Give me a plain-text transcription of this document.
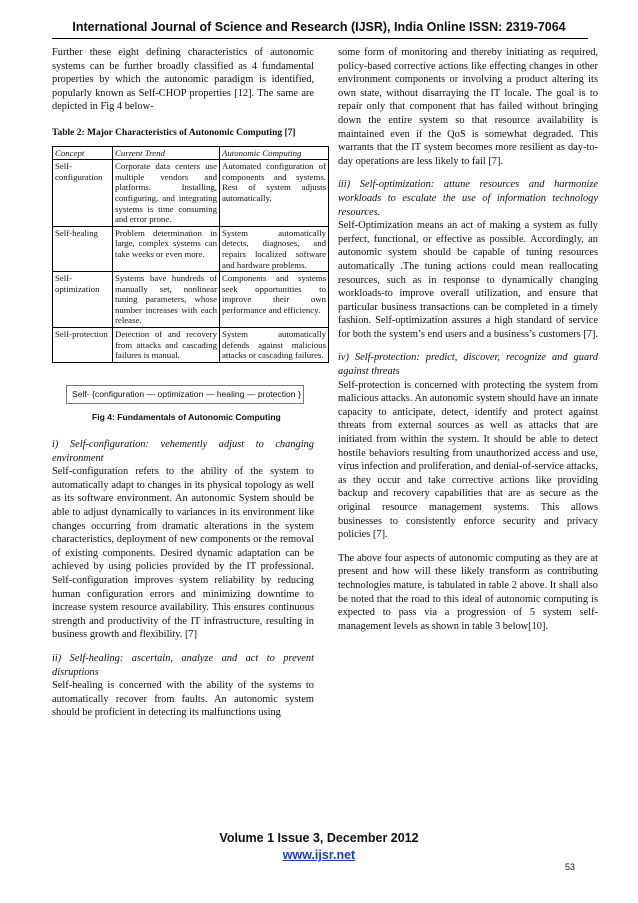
International Journal of Science and Research (IJSR), India Online ISSN: 2319-7064

Further these eight defining characteristics of autonomic systems can be further broadly classified as 4 fundamental properties by which the autonomic paradigm is identified, popularly known as Self-CHOP properties [12]. The same are depicted in Fig 4 below-

Table 2: Major Characteristics of Autonomic Computing [7]
Concept	Current Trend	Autonomic Computing
Self-configuration	Corporate data centers use multiple vendors and platforms. Installing, configuring, and integrating systems is time consuming and error prone.	Automated configuration of components and systems. Rest of system adjusts automatically.
Self-healing	Problem determination in large, complex systems can take weeks or even more.	System automatically detects, diagnoses, and repairs localized software and hardware problems.
Self-optimization	Systems have hundreds of manually set, nonlinear tuning parameters, whose number increases with each release.	Components and systems seek opportunities to improve their own performance and efficiency.
Self-protection	Detection of and recovery from attacks and cascading failures is manual.	System automatically defends against malicious attacks or cascading failures.
Self- {configuration — optimization — healing — protection }
Fig 4: Fundamentals of Autonomic Computing

i) Self-configuration: vehemently adjust to changing environment

Self-configuration refers to the ability of the system to automatically adapt to changes in its physical topology as well as its software environment. An autonomic System should be able to adjust dynamically to variances in its environment like changes occurring from dramatic alterations in the system characteristics, deployment of new components or the removal of existing components. Desired dynamic adaptation can be achieved by using policies provided by the IT professional. Self-configuration improves system reliability by reducing human configuration errors and minimizing downtime to increase system resource availability. This ensures continuous strength and productivity of the IT infrastructure, resulting in business growth and flexibility. [7]

ii) Self-healing: ascertain, analyze and act to prevent disruptions

Self-healing is concerned with the ability of the systems to automatically recover from faults. An autonomic system should be proficient in detecting its malfunctions using

some form of monitoring and thereby initiating as required, policy-based corrective actions like effecting changes in other environment components or involving a product altering its own state, without disarraying the IT locale. The goal is to repair only that component that has failed without bringing down the entire system so that resource availability is maintained even if the QoS is somewhat degraded. This warrants that the IT system becomes more resilient as day-to-day operations are less likely to fail [7].

iii) Self-optimization: attune resources and harmonize workloads to escalate the use of information technology resources.

Self-Optimization means an act of making a system as fully perfect, functional, or effective as possible. Accordingly, an autonomic system should be capable of tuning resources automatically .The tuning actions could mean reallocating resources, such as in response to dynamically changing workloads-to improve overall utilization, and ensure that particular business transactions can be completed in a timely fashion. Self-optimization assures a high standard of service for both the system’s end users and a business’s customers [7].

iv) Self-protection: predict, discover, recognize and guard against threats

Self-protection is concerned with protecting the system from malicious attacks. An autonomic system should have an innate capacity to anticipate, detect, identify and protect against threats from external sources as well as attacks that are initiated from within the system. It should be able to detect hostile behaviors resulting from unauthorized access and use, virus infection and proliferation, and denial-of-service attacks, as they occur and take corrective actions like providing backup and recovery capabilities that are as secure as the original resource management systems. This allows businesses to consistently enforce security and privacy policies [7].

The above four aspects of autonomic computing as they are at present and how will these likely transform as contributing technologies mature, is tabulated in table 2 above. It shall also be noted that the road to this ideal of autonomic computing is expected to pass via a progression of 5 system self-management levels as shown in table 3 below[10].

Volume 1 Issue 3, December 2012
www.ijsr.net
53
